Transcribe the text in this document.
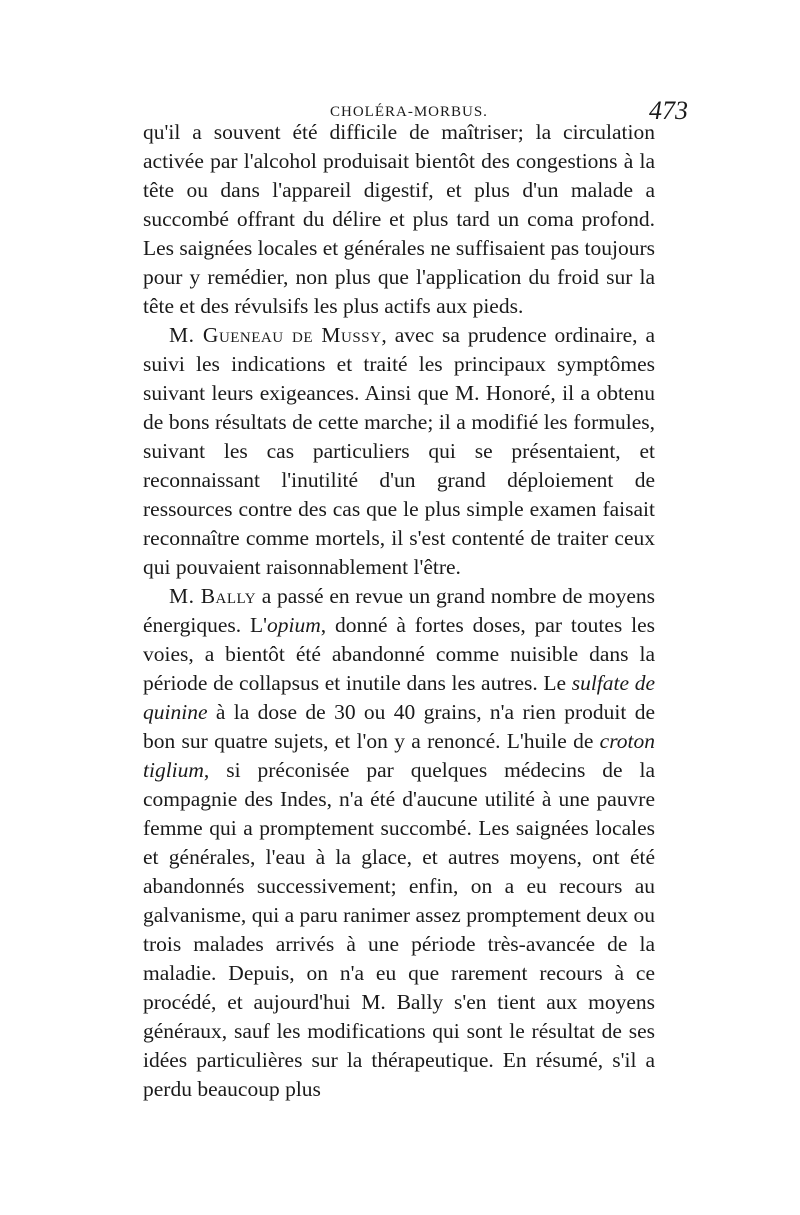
CHOLÉRA-MORBUS.	473

qu'il a souvent été difficile de maîtriser; la circulation activée par l'alcohol produisait bientôt des congestions à la tête ou dans l'appareil digestif, et plus d'un malade a succombé offrant du délire et plus tard un coma profond. Les saignées locales et générales ne suffisaient pas toujours pour y remédier, non plus que l'application du froid sur la tête et des révulsifs les plus actifs aux pieds.

M. Gueneau de Mussy, avec sa prudence ordinaire, a suivi les indications et traité les principaux symptômes suivant leurs exigeances. Ainsi que M. Honoré, il a obtenu de bons résultats de cette marche; il a modifié les formules, suivant les cas particuliers qui se présentaient, et reconnaissant l'inutilité d'un grand déploiement de ressources contre des cas que le plus simple examen faisait reconnaître comme mortels, il s'est contenté de traiter ceux qui pouvaient raisonnablement l'être.

M. Bally a passé en revue un grand nombre de moyens énergiques. L'opium, donné à fortes doses, par toutes les voies, a bientôt été abandonné comme nuisible dans la période de collapsus et inutile dans les autres. Le sulfate de quinine à la dose de 30 ou 40 grains, n'a rien produit de bon sur quatre sujets, et l'on y a renoncé. L'huile de croton tiglium, si préconisée par quelques médecins de la compagnie des Indes, n'a été d'aucune utilité à une pauvre femme qui a promptement succombé. Les saignées locales et générales, l'eau à la glace, et autres moyens, ont été abandonnés successivement; enfin, on a eu recours au galvanisme, qui a paru ranimer assez promptement deux ou trois malades arrivés à une période très-avancée de la maladie. Depuis, on n'a eu que rarement recours à ce procédé, et aujourd'hui M. Bally s'en tient aux moyens généraux, sauf les modifications qui sont le résultat de ses idées particulières sur la thérapeutique. En résumé, s'il a perdu beaucoup plus
